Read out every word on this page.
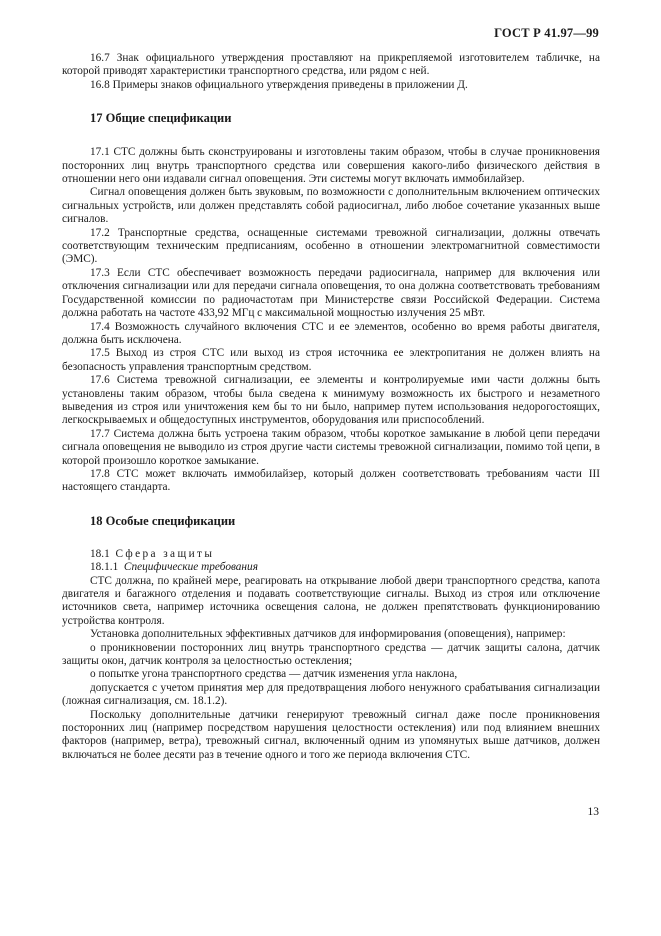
ГОСТ Р 41.97—99

16.7 Знак официального утверждения проставляют на прикрепляемой изготовителем табличке, на которой приводят характеристики транспортного средства, или рядом с ней.

16.8 Примеры знаков официального утверждения приведены в приложении Д.

17 Общие спецификации

17.1 СТС должны быть сконструированы и изготовлены таким образом, чтобы в случае проникновения посторонних лиц внутрь транспортного средства или совершения какого-либо физического действия в отношении него они издавали сигнал оповещения. Эти системы могут включать иммобилайзер.

Сигнал оповещения должен быть звуковым, по возможности с дополнительным включением оптических сигнальных устройств, или должен представлять собой радиосигнал, либо любое сочетание указанных выше сигналов.

17.2 Транспортные средства, оснащенные системами тревожной сигнализации, должны отвечать соответствующим техническим предписаниям, особенно в отношении электромагнитной совместимости (ЭМС).

17.3 Если СТС обеспечивает возможность передачи радиосигнала, например для включения или отключения сигнализации или для передачи сигнала оповещения, то она должна соответствовать требованиям Государственной комиссии по радиочастотам при Министерстве связи Российской Федерации. Система должна работать на частоте 433,92 МГц с максимальной мощностью излучения 25 мВт.

17.4 Возможность случайного включения СТС и ее элементов, особенно во время работы двигателя, должна быть исключена.

17.5 Выход из строя СТС или выход из строя источника ее электропитания не должен влиять на безопасность управления транспортным средством.

17.6 Система тревожной сигнализации, ее элементы и контролируемые ими части должны быть установлены таким образом, чтобы была сведена к минимуму возможность их быстрого и незаметного выведения из строя или уничтожения кем бы то ни было, например путем использования недорогостоящих, легкоскрываемых и общедоступных инструментов, оборудования или приспособлений.

17.7 Система должна быть устроена таким образом, чтобы короткое замыкание в любой цепи передачи сигнала оповещения не выводило из строя другие части системы тревожной сигнализации, помимо той цепи, в которой произошло короткое замыкание.

17.8 СТС может включать иммобилайзер, который должен соответствовать требованиям части III настоящего стандарта.

18 Особые спецификации

18.1 Сфера защиты

18.1.1 Специфические требования

СТС должна, по крайней мере, реагировать на открывание любой двери транспортного средства, капота двигателя и багажного отделения и подавать соответствующие сигналы. Выход из строя или отключение источников света, например источника освещения салона, не должен препятствовать функционированию устройства контроля.

Установка дополнительных эффективных датчиков для информирования (оповещения), например:

о проникновении посторонних лиц внутрь транспортного средства — датчик защиты салона, датчик защиты окон, датчик контроля за целостностью остекления;

о попытке угона транспортного средства — датчик изменения угла наклона,

допускается с учетом принятия мер для предотвращения любого ненужного срабатывания сигнализации (ложная сигнализация, см. 18.1.2).

Поскольку дополнительные датчики генерируют тревожный сигнал даже после проникновения посторонних лиц (например посредством нарушения целостности остекления) или под влиянием внешних факторов (например, ветра), тревожный сигнал, включенный одним из упомянутых выше датчиков, должен включаться не более десяти раз в течение одного и того же периода включения СТС.

13
